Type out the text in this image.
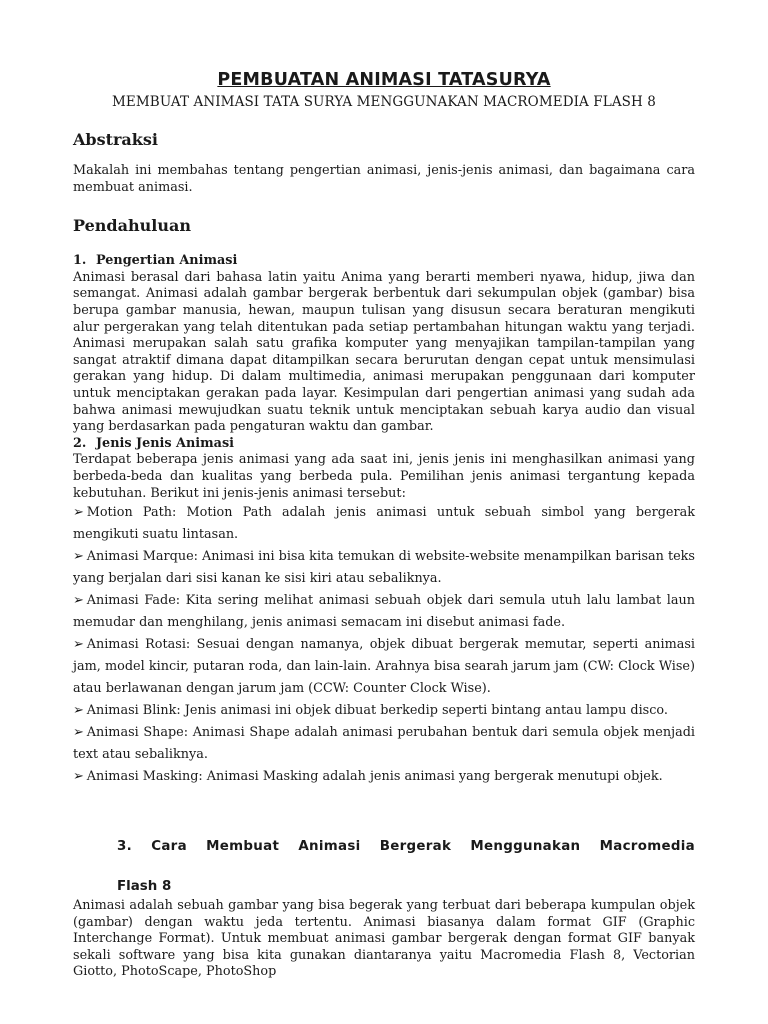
PEMBUATAN ANIMASI TATASURYA

MEMBUAT ANIMASI TATA SURYA MENGGUNAKAN MACROMEDIA FLASH 8

Abstraksi

Makalah ini membahas tentang pengertian animasi, jenis-jenis animasi, dan bagaimana cara membuat animasi.

Pendahuluan

1. Pengertian Animasi

Animasi berasal dari bahasa latin yaitu Anima yang berarti memberi nyawa, hidup, jiwa dan semangat. Animasi adalah gambar bergerak berbentuk dari sekumpulan objek (gambar) bisa berupa gambar manusia, hewan, maupun tulisan yang disusun secara beraturan mengikuti alur pergerakan yang telah ditentukan pada setiap pertambahan hitungan waktu yang terjadi. Animasi merupakan salah satu grafika komputer yang menyajikan tampilan-tampilan yang sangat atraktif dimana dapat ditampilkan secara berurutan dengan cepat untuk mensimulasi gerakan yang hidup. Di dalam multimedia, animasi merupakan penggunaan dari komputer untuk menciptakan gerakan pada layar. Kesimpulan dari pengertian animasi yang sudah ada bahwa animasi mewujudkan suatu teknik untuk menciptakan sebuah karya audio dan visual yang berdasarkan pada pengaturan waktu dan gambar.

2. Jenis Jenis Animasi

Terdapat beberapa jenis animasi yang ada saat ini, jenis jenis ini menghasilkan animasi yang berbeda-beda dan kualitas yang berbeda pula. Pemilihan jenis animasi tergantung kepada kebutuhan. Berikut ini jenis-jenis animasi tersebut:

➢ Motion Path: Motion Path adalah jenis animasi untuk sebuah simbol yang bergerak mengikuti suatu lintasan.
➢ Animasi Marque: Animasi ini bisa kita temukan di website-website menampilkan barisan teks yang berjalan dari sisi kanan ke sisi kiri atau sebaliknya.
➢ Animasi Fade: Kita sering melihat animasi sebuah objek dari semula utuh lalu lambat laun memudar dan menghilang, jenis animasi semacam ini disebut animasi fade.
➢ Animasi Rotasi: Sesuai dengan namanya, objek dibuat bergerak memutar, seperti animasi jam, model kincir, putaran roda, dan lain-lain. Arahnya bisa searah jarum jam (CW: Clock Wise) atau berlawanan dengan jarum jam (CCW: Counter Clock Wise).
➢ Animasi Blink: Jenis animasi ini objek dibuat berkedip seperti bintang antau lampu disco.
➢ Animasi Shape: Animasi Shape adalah animasi perubahan bentuk dari semula objek menjadi text atau sebaliknya.
➢ Animasi Masking: Animasi Masking adalah jenis animasi yang bergerak menutupi objek.
3. Cara Membuat Animasi Bergerak Menggunakan Macromedia
Flash 8

Animasi adalah sebuah gambar yang bisa begerak yang terbuat dari beberapa kumpulan objek (gambar) dengan waktu jeda tertentu. Animasi biasanya dalam format GIF (Graphic Interchange Format). Untuk membuat animasi gambar bergerak dengan format GIF banyak sekali software yang bisa kita gunakan diantaranya yaitu Macromedia Flash 8, Vectorian Giotto, PhotoScape, PhotoShop
